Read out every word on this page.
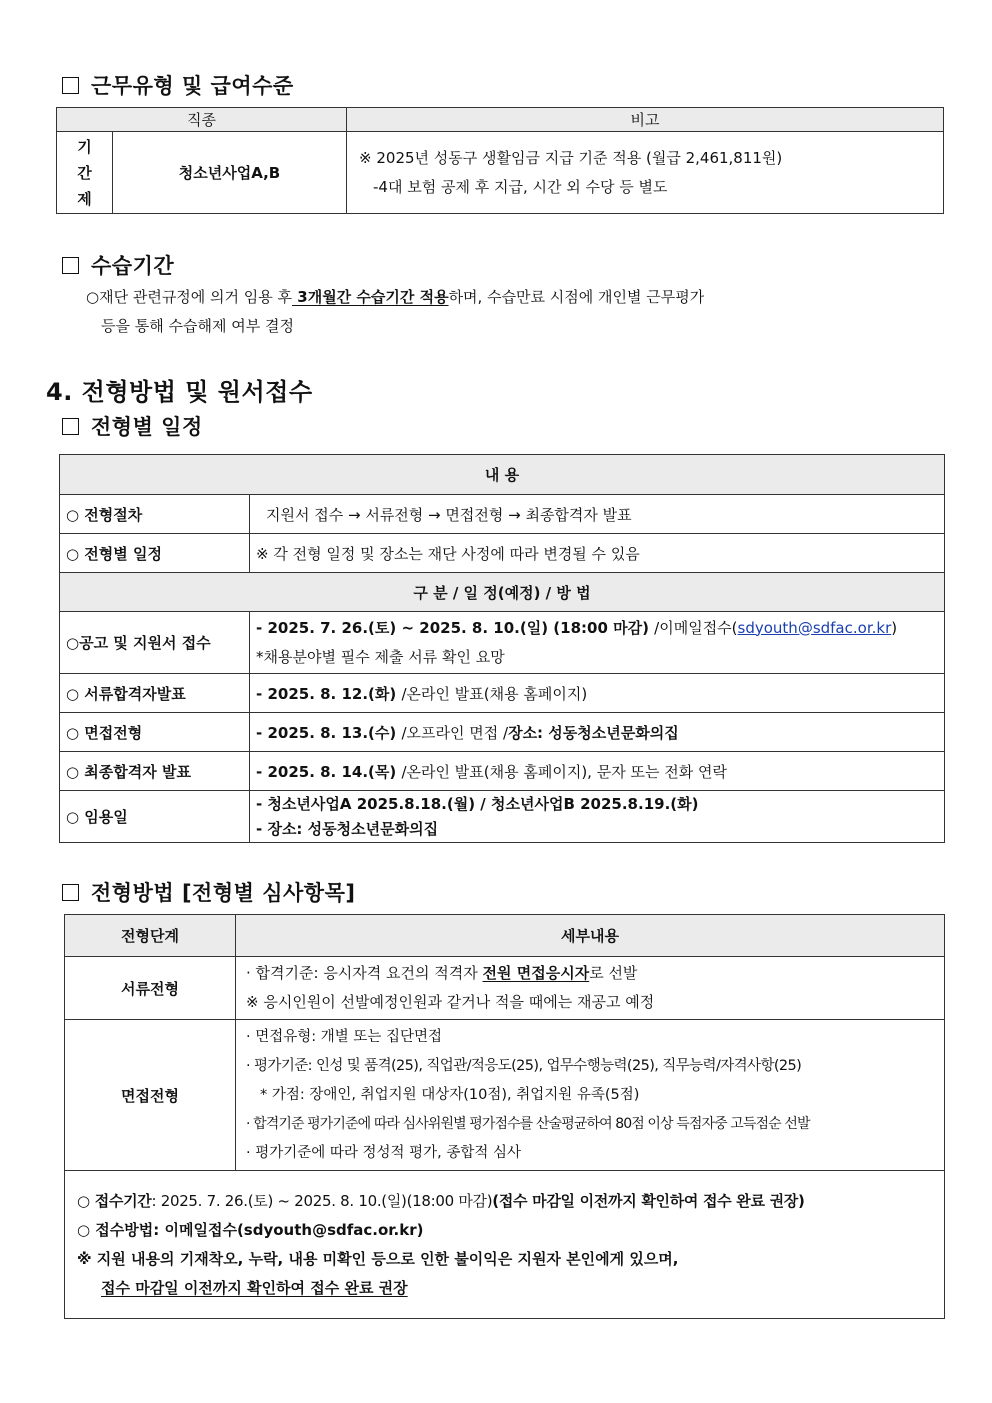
근무유형 및 급여수준
직종		비고

기
간
제	청소년사업A,B	※ 2025년 성동구 생활임금 지급 기준 적용 (월급 2,461,811원)
-4대 보험 공제 후 지급, 시간 외 수당 등 별도
수습기간
○재단 관련규정에 의거 임용 후 3개월간 수습기간 적용하며, 수습만료 시점에 개인별 근무평가
등을 통해 수습해제 여부 결정
4. 전형방법 및 원서접수
전형별 일정
내 용	
○ 전형절차	지원서 접수 → 서류전형 → 면접전형 → 최종합격자 발표
○ 전형별 일정	※ 각 전형 일정 및 장소는 재단 사정에 따라 변경될 수 있음
구 분 / 일 정(예정) / 방 법	
○공고 및 지원서 접수	- 2025. 7. 26.(토) ~ 2025. 8. 10.(일) (18:00 마감) /이메일접수(sdyouth@sdfac.or.kr)
*채용분야별 필수 제출 서류 확인 요망

○ 서류합격자발표	- 2025. 8. 12.(화) /온라인 발표(채용 홈페이지)
○ 면접전형	- 2025. 8. 13.(수) /오프라인 면접 /장소: 성동청소년문화의집
○ 최종합격자 발표	- 2025. 8. 14.(목) /온라인 발표(채용 홈페이지), 문자 또는 전화 연락
○ 임용일	- 청소년사업A 2025.8.18.(월) / 청소년사업B 2025.8.19.(화)
- 장소: 성동청소년문화의집
전형방법 [전형별 심사항목]
전형단계	세부내용
서류전형	· 합격기준: 응시자격 요건의 적격자 전원 면접응시자로 선발
※ 응시인원이 선발예정인원과 같거나 적을 때에는 재공고 예정

면접전형	· 면접유형: 개별 또는 집단면접
· 평가기준: 인성 및 품격(25), 직업관/적응도(25), 업무수행능력(25), 직무능력/자격사항(25)
* 가점: 장애인, 취업지원 대상자(10점), 취업지원 유족(5점)
· 합격기준 평가기준에 따라 심사위원별 평가점수를 산술평균하여 80점 이상 득점자중 고득점순 선발
· 평가기준에 따라 정성적 평가, 종합적 심사

○ 접수기간: 2025. 7. 26.(토) ~ 2025. 8. 10.(일)(18:00 마감)(접수 마감일 이전까지 확인하여 접수 완료 권장)
○ 접수방법: 이메일접수(sdyouth@sdfac.or.kr)
※ 지원 내용의 기재착오, 누락, 내용 미확인 등으로 인한 불이익은 지원자 본인에게 있으며,
접수 마감일 이전까지 확인하여 접수 완료 권장	
